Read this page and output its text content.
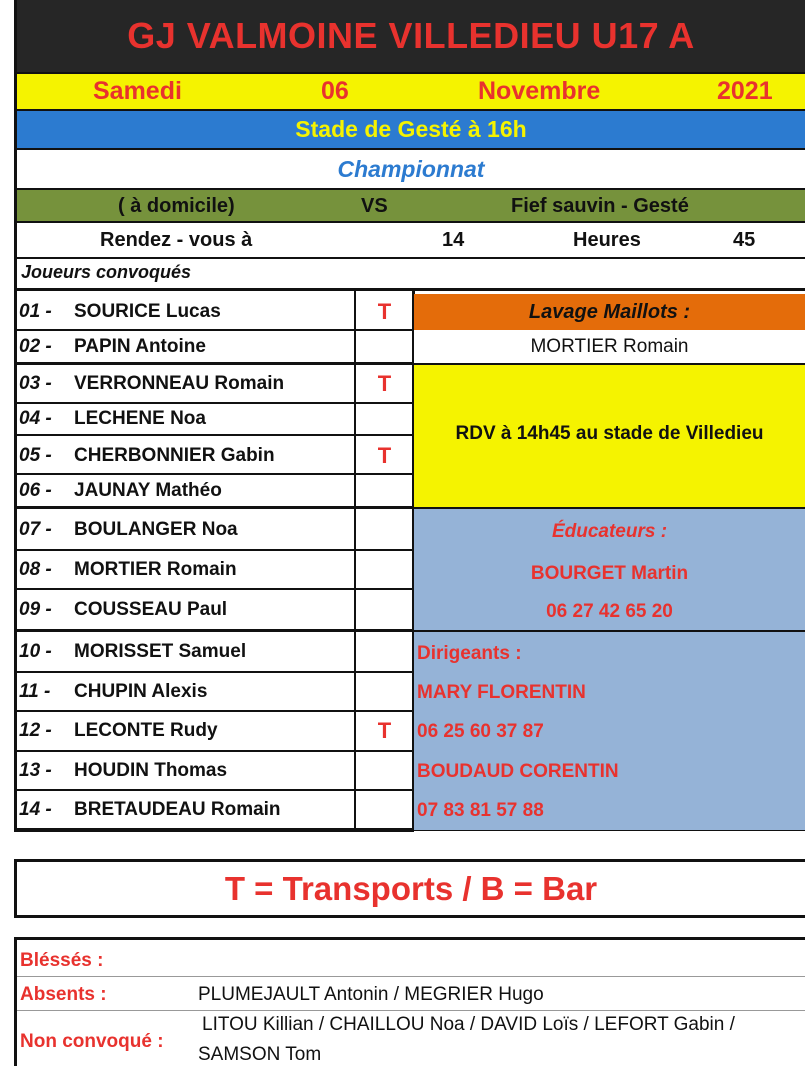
GJ VALMOINE VILLEDIEU U17 A
Samedi	06	Novembre	2021
Stade de Gesté à 16h
Championnat
( à domicile)	VS	Fief sauvin - Gesté
Rendez - vous à	14	Heures	45
Joueurs convoqués
01 -	SOURICE Lucas	T
02 -	PAPIN Antoine
03 -	VERRONNEAU Romain	T
04 -	LECHENE Noa
05 -	CHERBONNIER Gabin	T
06 -	JAUNAY Mathéo
07 -	BOULANGER Noa
08 -	MORTIER Romain
09 -	COUSSEAU Paul
10 -	MORISSET Samuel
11 -	CHUPIN Alexis
12 -	LECONTE Rudy	T
13 -	HOUDIN Thomas
14 -	BRETAUDEAU Romain
Lavage Maillots :
MORTIER Romain
RDV à 14h45 au stade de Villedieu
Éducateurs :
BOURGET Martin
06 27 42 65 20
Dirigeants :
MARY FLORENTIN
06 25 60 37 87
BOUDAUD CORENTIN
07 83 81 57 88
T = Transports / B = Bar
Bléssés :
Absents :	PLUMEJAULT Antonin / MEGRIER Hugo
Non convoqué :
LITOU Killian / CHAILLOU Noa / DAVID Loïs / LEFORT Gabin /
SAMSON Tom
